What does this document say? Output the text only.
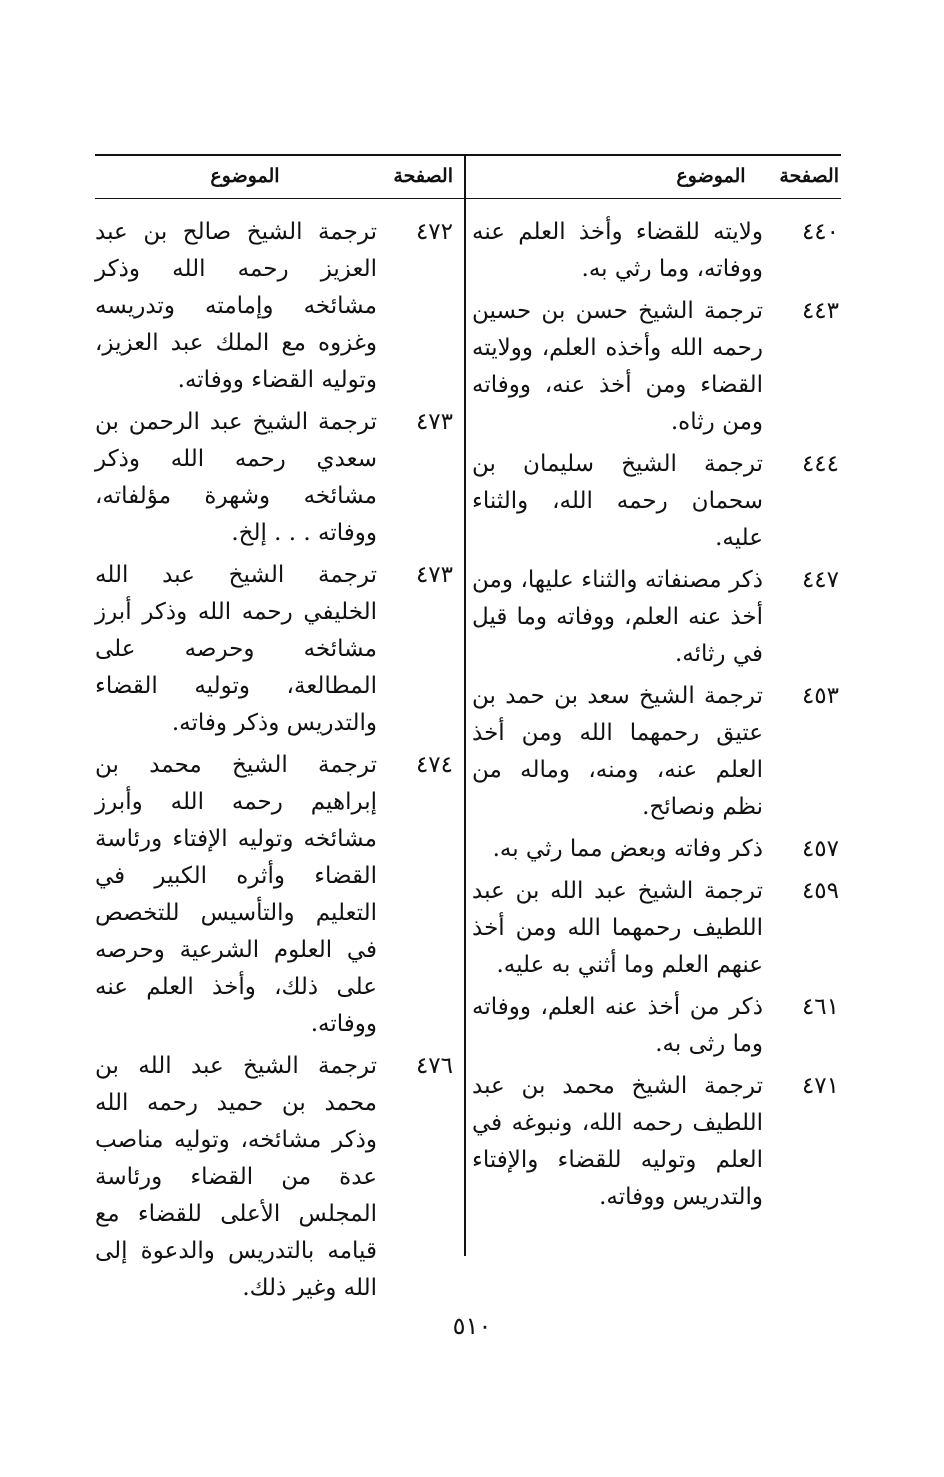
الصفحة
الموضوع
٤٤٠
ولايته للقضاء وأخذ العلم عنه ووفاته، وما رثي به.
٤٤٣
ترجمة الشيخ حسن بن حسين رحمه الله وأخذه العلم، وولايته القضاء ومن أخذ عنه، ووفاته ومن رثاه.
٤٤٤
ترجمة الشيخ سليمان بن سحمان رحمه الله، والثناء عليه.
٤٤٧
ذكر مصنفاته والثناء عليها، ومن أخذ عنه العلم، ووفاته وما قيل في رثائه.
٤٥٣
ترجمة الشيخ سعد بن حمد بن عتيق رحمهما الله ومن أخذ العلم عنه، ومنه، وماله من نظم ونصائح.
٤٥٧
ذكر وفاته وبعض مما رثي به.
٤٥٩
ترجمة الشيخ عبد الله بن عبد اللطيف رحمهما الله ومن أخذ عنهم العلم وما أثني به عليه.
٤٦١
ذكر من أخذ عنه العلم، ووفاته وما رثى به.
٤٧١
ترجمة الشيخ محمد بن عبد اللطيف رحمه الله، ونبوغه في العلم وتوليه للقضاء والإفتاء والتدريس ووفاته.
الصفحة
الموضوع
٤٧٢
ترجمة الشيخ صالح بن عبد العزيز رحمه الله وذكر مشائخه وإمامته وتدريسه وغزوه مع الملك عبد العزيز، وتوليه القضاء ووفاته.
٤٧٣
ترجمة الشيخ عبد الرحمن بن سعدي رحمه الله وذكر مشائخه وشهرة مؤلفاته، ووفاته . . . إلخ.
٤٧٣
ترجمة الشيخ عبد الله الخليفي رحمه الله وذكر أبرز مشائخه وحرصه على المطالعة، وتوليه القضاء والتدريس وذكر وفاته.
٤٧٤
ترجمة الشيخ محمد بن إبراهيم رحمه الله وأبرز مشائخه وتوليه الإفتاء ورئاسة القضاء وأثره الكبير في التعليم والتأسيس للتخصص في العلوم الشرعية وحرصه على ذلك، وأخذ العلم عنه ووفاته.
٤٧٦
ترجمة الشيخ عبد الله بن محمد بن حميد رحمه الله وذكر مشائخه، وتوليه مناصب عدة من القضاء ورئاسة المجلس الأعلى للقضاء مع قيامه بالتدريس والدعوة إلى الله وغير ذلك.
٥١٠
